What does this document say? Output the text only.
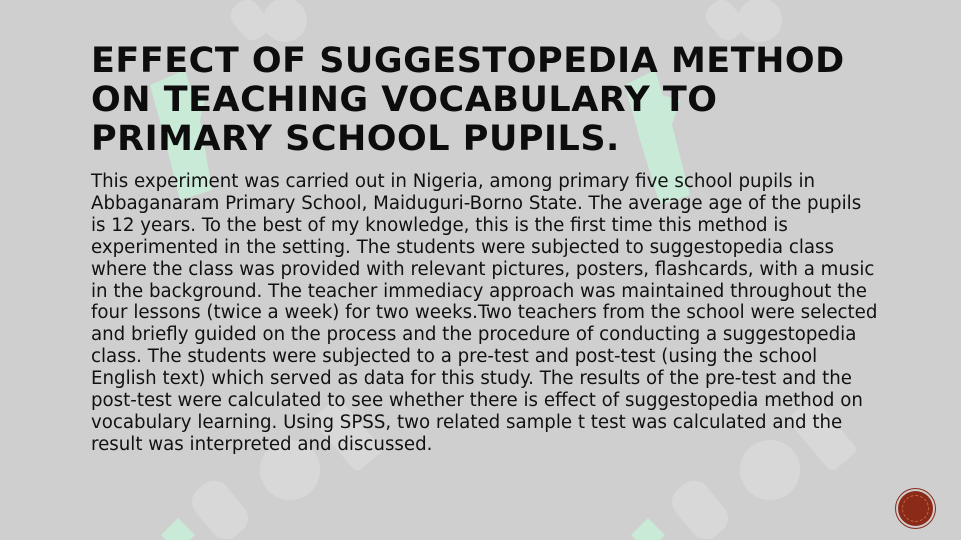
EFFECT OF SUGGESTOPEDIA METHOD ON TEACHING VOCABULARY TO PRIMARY SCHOOL PUPILS.

This experiment was carried out in Nigeria, among primary five school pupils in Abbaganaram Primary School, Maiduguri-Borno State. The average age of the pupils is 12 years. To the best of my knowledge, this is the first time this method is experimented in the setting. The students were subjected to suggestopedia class where the class was provided with relevant pictures, posters, flashcards, with a music in the background. The teacher immediacy approach was maintained throughout the four lessons (twice a week) for two weeks.Two teachers from the school were selected and briefly guided on the process and the procedure of conducting a suggestopedia class. The students were subjected to a pre-test and post-test (using the school English text) which served as data for this study. The results of the pre-test and the post-test were calculated to see whether there is effect of suggestopedia method on vocabulary learning. Using SPSS, two related sample t test was calculated and the result was interpreted and discussed.
